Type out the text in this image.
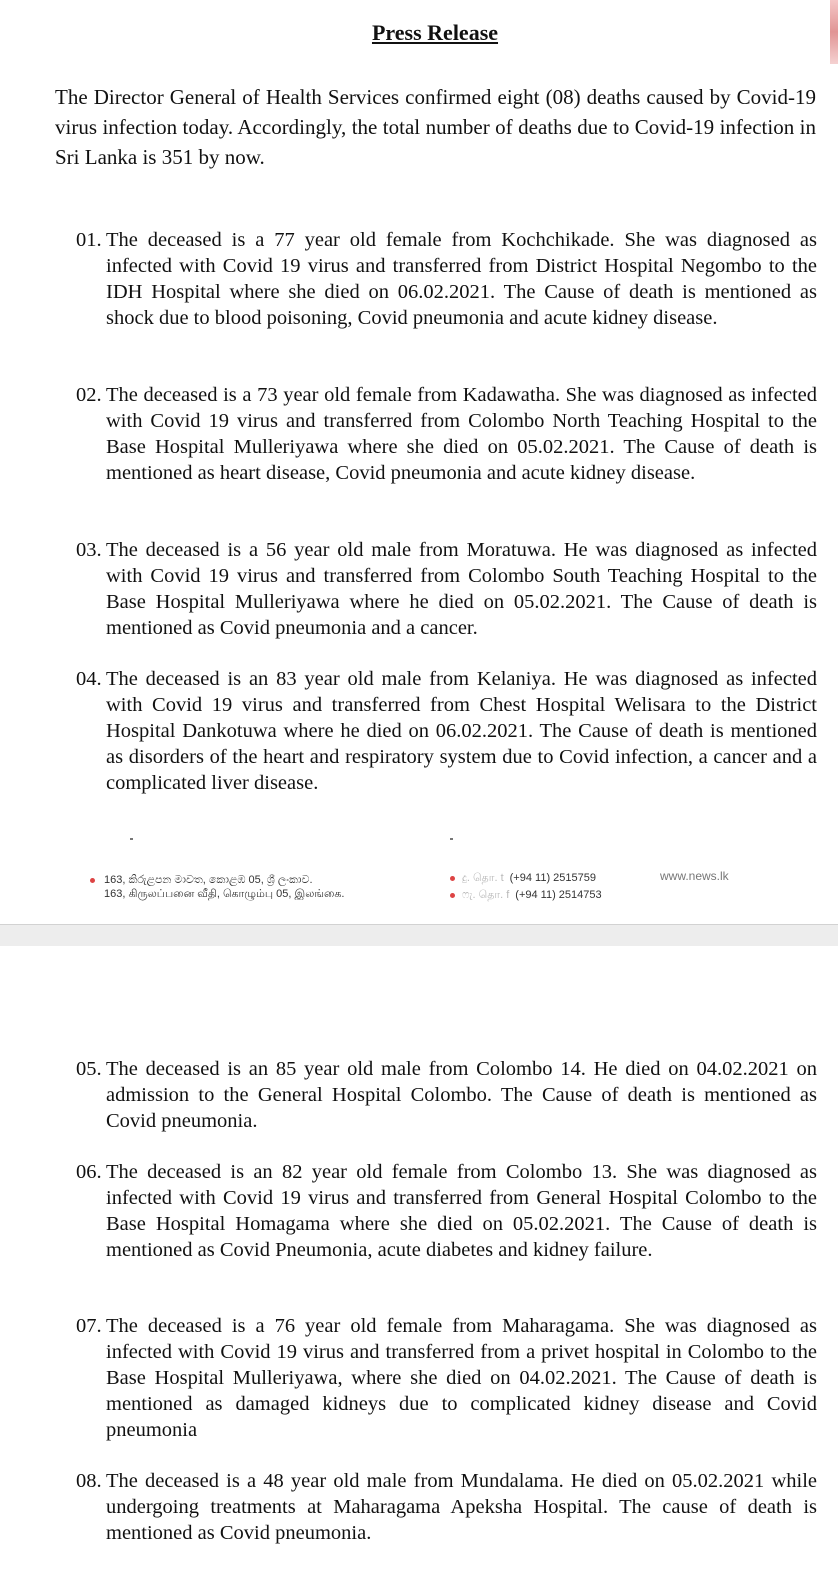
Press Release
The Director General of Health Services confirmed eight (08) deaths caused by Covid-19 virus infection today. Accordingly, the total number of deaths due to Covid-19 infection in Sri Lanka is 351 by now.
01. The deceased is a 77 year old female from Kochchikade. She was diagnosed as infected with Covid 19 virus and transferred from District Hospital Negombo to the IDH Hospital where she died on 06.02.2021. The Cause of death is mentioned as shock due to blood poisoning, Covid pneumonia and acute kidney disease.
02. The deceased is a 73 year old female from Kadawatha. She was diagnosed as infected with Covid 19 virus and transferred from Colombo North Teaching Hospital to the Base Hospital Mulleriyawa where she died on 05.02.2021. The Cause of death is mentioned as heart disease, Covid pneumonia and acute kidney disease.
03. The deceased is a 56 year old male from Moratuwa. He was diagnosed as infected with Covid 19 virus and transferred from Colombo South Teaching Hospital to the Base Hospital Mulleriyawa where he died on 05.02.2021. The Cause of death is mentioned as Covid pneumonia and a cancer.
04. The deceased is an 83 year old male from Kelaniya. He was diagnosed as infected with Covid 19 virus and transferred from Chest Hospital Welisara to the District Hospital Dankotuwa where he died on 06.02.2021. The Cause of death is mentioned as disorders of the heart and respiratory system due to Covid infection, a cancer and a complicated liver disease.
163, කිරුළපන මාවත, කොළඹ 05, ශ්‍රී ලංකාව.
163, கிருலப்பனை வீதி, கொழும்பு 05, இலங்கை.
දු. தொ. t (+94 11) 2515759
ෆැ. தொ. f (+94 11) 2514753
www.news.lk
05. The deceased is an 85 year old male from Colombo 14. He died on 04.02.2021 on admission to the General Hospital Colombo. The Cause of death is mentioned as Covid pneumonia.
06. The deceased is an 82 year old female from Colombo 13. She was diagnosed as infected with Covid 19 virus and transferred from General Hospital Colombo to the Base Hospital Homagama where she died on 05.02.2021. The Cause of death is mentioned as Covid Pneumonia, acute diabetes and kidney failure.
07. The deceased is a 76 year old female from Maharagama. She was diagnosed as infected with Covid 19 virus and transferred from a privet hospital in Colombo to the Base Hospital Mulleriyawa, where she died on 04.02.2021. The Cause of death is mentioned as damaged kidneys due to complicated kidney disease and Covid pneumonia
08. The deceased is a 48 year old male from Mundalama. He died on 05.02.2021 while undergoing treatments at Maharagama Apeksha Hospital. The cause of death is mentioned as Covid pneumonia.
